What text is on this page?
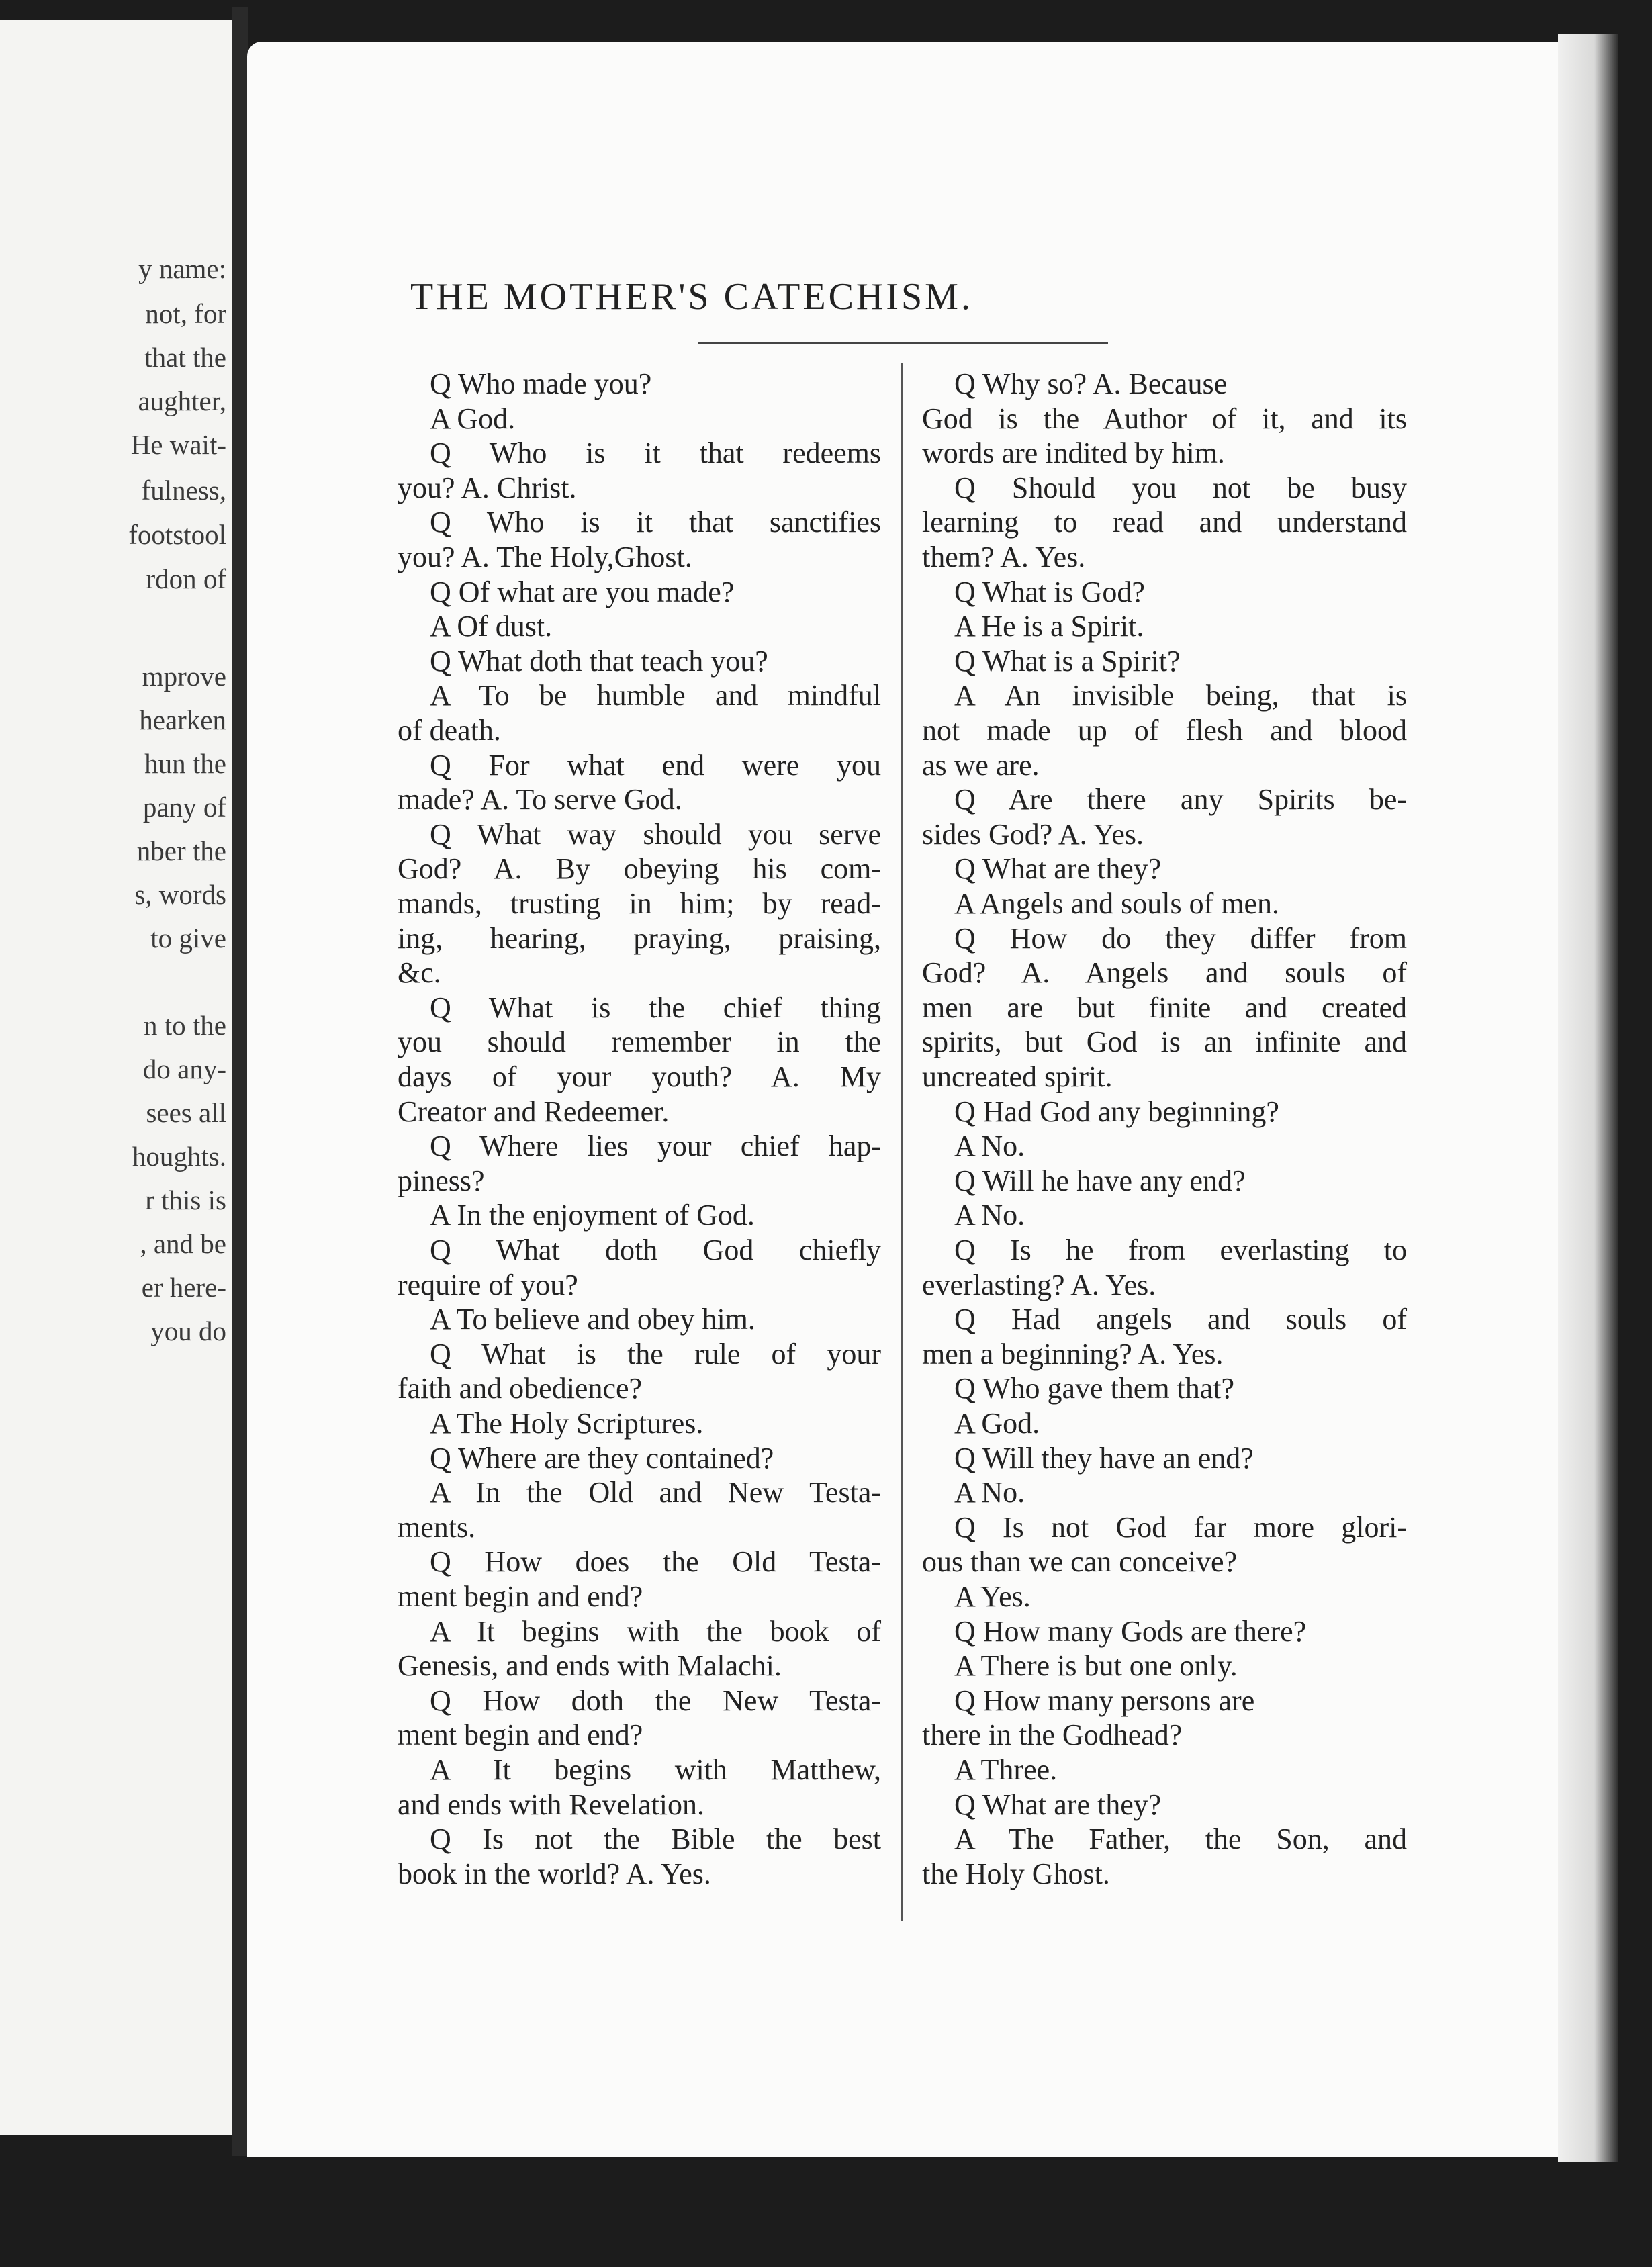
y name:
not, for
that the
aughter,
He wait-
fulness,
footstool
rdon of
mprove
hearken
hun the
pany of
nber the
s, words
to give
n to the
do any-
sees all
houghts.
r this is
, and be
er here-
you do
THE MOTHER'S CATECHISM.
Q Who made you?
A God.
Q Who is it that redeems
you? A. Christ.
Q Who is it that sanctifies
you? A. The Holy,Ghost.
Q Of what are you made?
A Of dust.
Q What doth that teach you?
A To be humble and mindful
of death.
Q For what end were you
made? A. To serve God.
Q What way should you serve
God? A. By obeying his com-
mands, trusting in him; by read-
ing, hearing, praying, praising,
&c.
Q What is the chief thing
you should remember in the
days of your youth? A. My
Creator and Redeemer.
Q Where lies your chief hap-
piness?
A In the enjoyment of God.
Q What doth God chiefly
require of you?
A To believe and obey him.
Q What is the rule of your
faith and obedience?
A The Holy Scriptures.
Q Where are they contained?
A In the Old and New Testa-
ments.
Q How does the Old Testa-
ment begin and end?
A It begins with the book of
Genesis, and ends with Malachi.
Q How doth the New Testa-
ment begin and end?
A It begins with Matthew,
and ends with Revelation.
Q Is not the Bible the best
book in the world? A. Yes.
Q Why so? A. Because
God is the Author of it, and its
words are indited by him.
Q Should you not be busy
learning to read and understand
them? A. Yes.
Q What is God?
A He is a Spirit.
Q What is a Spirit?
A An invisible being, that is
not made up of flesh and blood
as we are.
Q Are there any Spirits be-
sides God? A. Yes.
Q What are they?
A Angels and souls of men.
Q How do they differ from
God? A. Angels and souls of
men are but finite and created
spirits, but God is an infinite and
uncreated spirit.
Q Had God any beginning?
A No.
Q Will he have any end?
A No.
Q Is he from everlasting to
everlasting? A. Yes.
Q Had angels and souls of
men a beginning? A. Yes.
Q Who gave them that?
A God.
Q Will they have an end?
A No.
Q Is not God far more glori-
ous than we can conceive?
A Yes.
Q How many Gods are there?
A There is but one only.
Q How many persons are
there in the Godhead?
A Three.
Q What are they?
A The Father, the Son, and
the Holy Ghost.
